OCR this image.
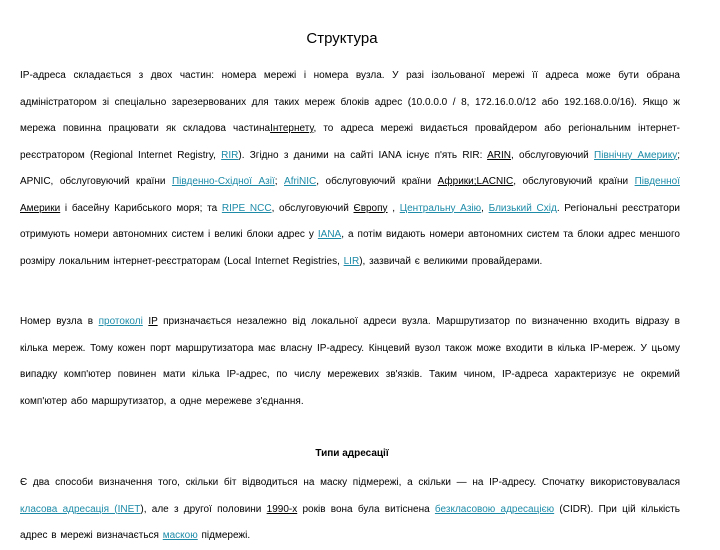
Структура

IP-адреса складається з двох частин: номера мережі і номера вузла. У разі ізольованої мережі її адреса може бути обрана адміністратором зі спеціально зарезервованих для таких мереж блоків адрес (10.0.0.0 / 8, 172.16.0.0/12 або 192.168.0.0/16). Якщо ж мережа повинна працювати як складова частинаІнтернету, то адреса мережі видається провайдером або регіональним інтернет-реєстратором (Regional Internet Registry, RIR). Згідно з даними на сайті IANA існує п'ять RIR: ARIN, обслуговуючий Північну Америку; APNIC, обслуговуючий країни Південно-Східної Азії; AfriNIC, обслуговуючий країни Африки;LACNIC, обслуговуючий країни Південної Америки і басейну Карибського моря; та RIPE NCC, обслуговуючий Європу , Центральну Азію, Близький Схід. Регіональні реєстратори отримують номери автономних систем і великі блоки адрес у IANA, а потім видають номери автономних систем та блоки адрес меншого розміру локальним інтернет-реєстраторам (Local Internet Registries, LIR), зазвичай є великими провайдерами.

Номер вузла в протоколі IP призначається незалежно від локальної адреси вузла. Маршрутизатор по визначенню входить відразу в кілька мереж. Тому кожен порт маршрутизатора має власну IP-адресу. Кінцевий вузол також може входити в кілька IP-мереж. У цьому випадку комп'ютер повинен мати кілька IP-адрес, по числу мережевих зв'язків. Таким чином, IP-адреса характеризує не окремий комп'ютер або маршрутизатор, а одне мережеве з'єднання.

Типи адресації

Є два способи визначення того, скільки біт відводиться на маску підмережі, а скільки — на IP-адресу. Спочатку використовувалася класова адресація (INET), але з другої половини 1990-х років вона була витіснена безкласовою адресацією (CIDR). При цій кількість адрес в мережі визначається маскою підмережі.
